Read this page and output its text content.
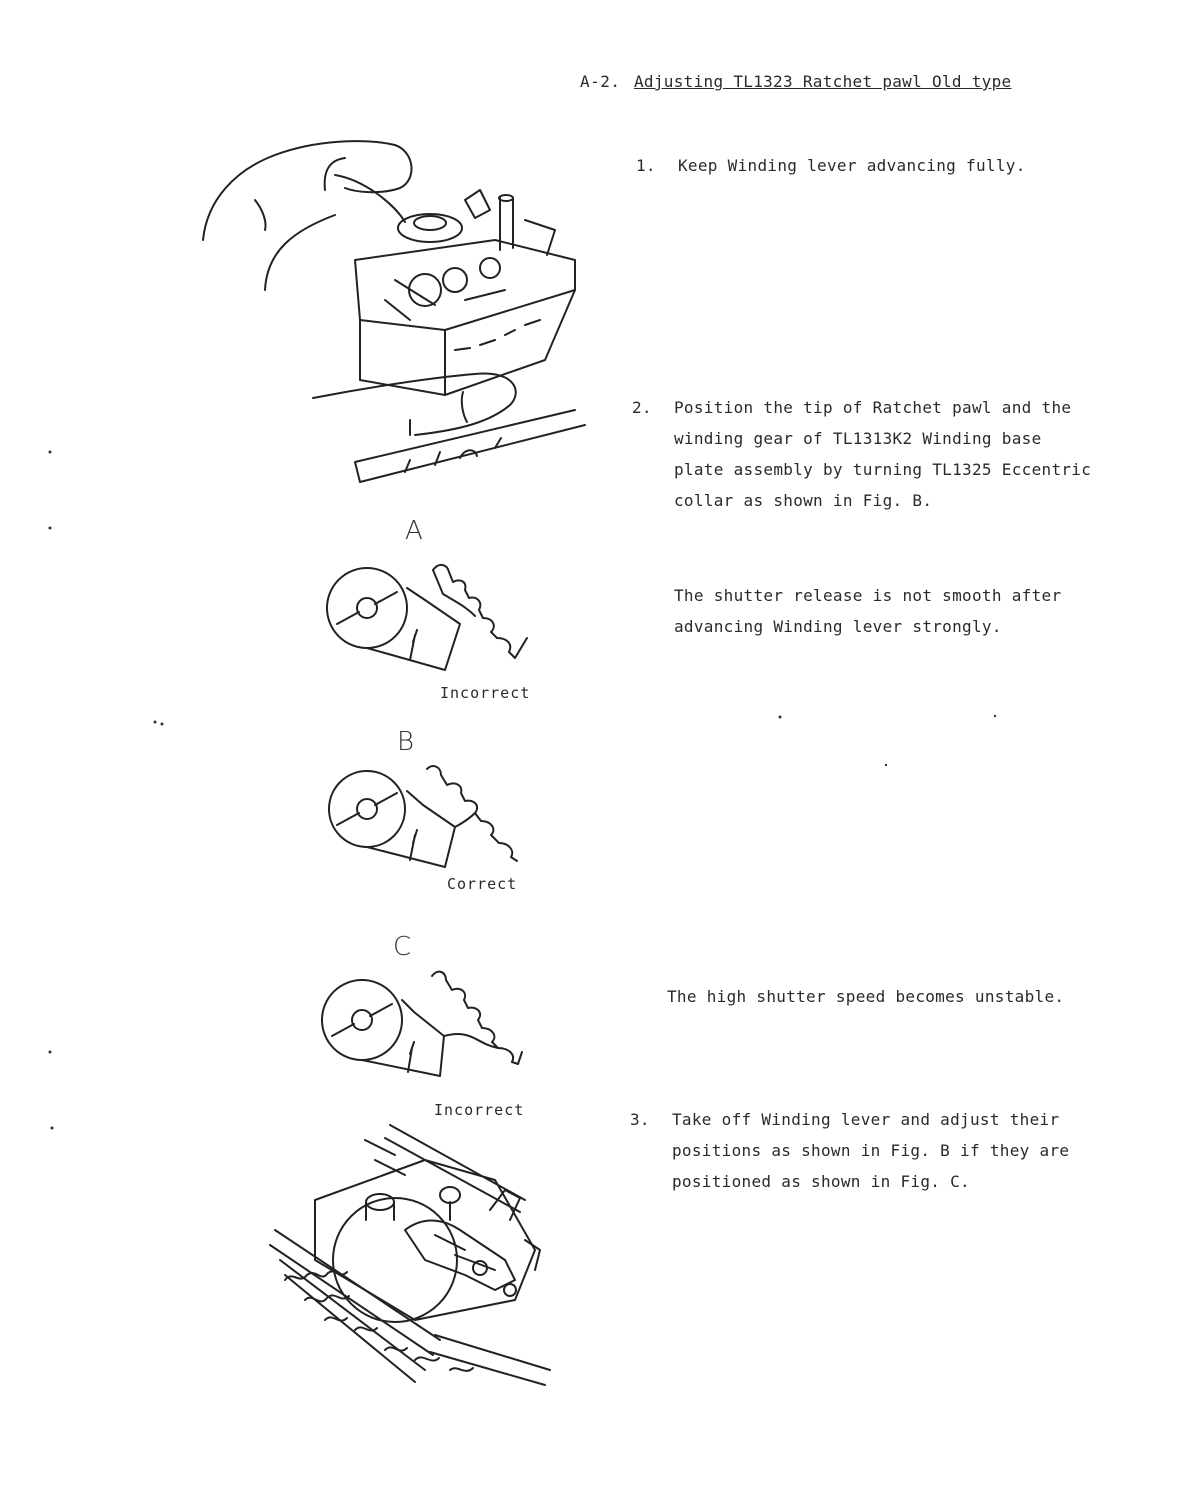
A-2. Adjusting TL1323 Ratchet pawl Old type
A
Incorrect
B
Correct
C
Incorrect
1. Keep Winding lever advancing fully.
2. Position the tip of Ratchet pawl and the
winding gear of TL1313K2 Winding base
plate assembly by turning TL1325 Eccentric
collar as shown in Fig. B.
The shutter release is not smooth after
advancing Winding lever strongly.
The high shutter speed becomes unstable.
3. Take off Winding lever and adjust their
positions as shown in Fig. B if they are
positioned as shown in Fig. C.
